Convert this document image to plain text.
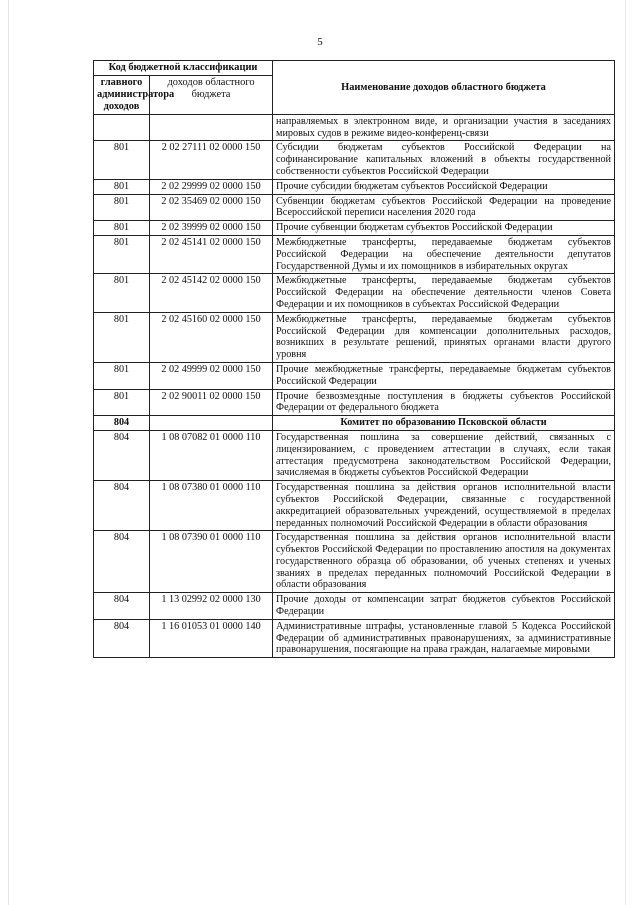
5
Код бюджетной классификации		Наименование доходов областного бюджета
главного администратора доходов	доходов областного бюджета	
		направляемых в электронном виде, и организации участия в заседаниях мировых судов в режиме видео-конференц-связи
801	2 02 27111 02 0000 150	Субсидии бюджетам субъектов Российской Федерации на софинансирование капитальных вложений в объекты государственной собственности субъектов Российской Федерации
801	2 02 29999 02 0000 150	Прочие субсидии бюджетам субъектов Российской Федерации
801	2 02 35469 02 0000 150	Субвенции бюджетам субъектов Российской Федерации на проведение Всероссийской переписи населения 2020 года
801	2 02 39999 02 0000 150	Прочие субвенции бюджетам субъектов Российской Федерации
801	2 02 45141 02 0000 150	Межбюджетные трансферты, передаваемые бюджетам субъектов Российской Федерации на обеспечение деятельности депутатов Государственной Думы и их помощников в избирательных округах
801	2 02 45142 02 0000 150	Межбюджетные трансферты, передаваемые бюджетам субъектов Российской Федерации на обеспечение деятельности членов Совета Федерации и их помощников в субъектах Российской Федерации
801	2 02 45160 02 0000 150	Межбюджетные трансферты, передаваемые бюджетам субъектов Российской Федерации для компенсации дополнительных расходов, возникших в результате решений, принятых органами власти другого уровня
801	2 02 49999 02 0000 150	Прочие межбюджетные трансферты, передаваемые бюджетам субъектов Российской Федерации
801	2 02 90011 02 0000 150	Прочие безвозмездные поступления в бюджеты субъектов Российской Федерации от федерального бюджета
804		Комитет по образованию Псковской области
804	1 08 07082 01 0000 110	Государственная пошлина за совершение действий, связанных с лицензированием, с проведением аттестации в случаях, если такая аттестация предусмотрена законодательством Российской Федерации, зачисляемая в бюджеты субъектов Российской Федерации
804	1 08 07380 01 0000 110	Государственная пошлина за действия органов исполнительной власти субъектов Российской Федерации, связанные с государственной аккредитацией образовательных учреждений, осуществляемой в пределах переданных полномочий Российской Федерации в области образования
804	1 08 07390 01 0000 110	Государственная пошлина за действия органов исполнительной власти субъектов Российской Федерации по проставлению апостиля на документах государственного образца об образовании, об ученых степенях и ученых званиях в пределах переданных полномочий Российской Федерации в области образования
804	1 13 02992 02 0000 130	Прочие доходы от компенсации затрат бюджетов субъектов Российской Федерации
804	1 16 01053 01 0000 140	Административные штрафы, установленные главой 5 Кодекса Российской Федерации об административных правонарушениях, за административные правонарушения, посягающие на права граждан, налагаемые мировыми
